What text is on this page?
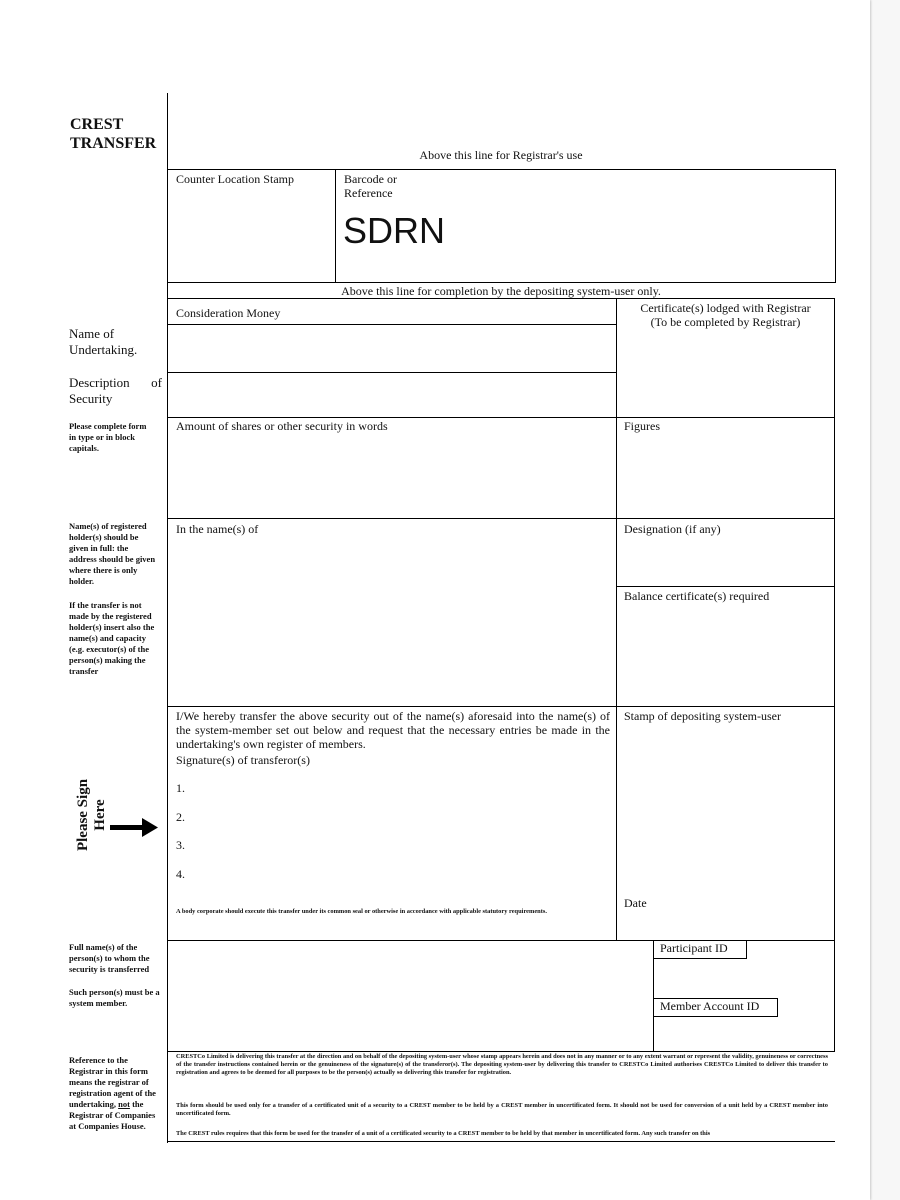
CREST
TRANSFER
Above this line for Registrar's use
Counter Location Stamp	Barcode or
Reference
SDRN
Above this line for completion by the depositing system-user only.
Consideration Money	Certificate(s) lodged with Registrar
(To be completed by Registrar)
Amount of shares or other security in words	Figures
In the name(s) of	Designation (if any)
Balance certificate(s) required
I/We hereby transfer the above security out of the name(s) aforesaid into the name(s) of the system-member set out below and request that the necessary entries be made in the undertaking's own register of members.
Signature(s) of transferor(s)
1.
2.
3.
4.
A body corporate should execute this transfer under its common seal or otherwise in accordance with applicable statutory requirements.
Stamp of depositing system-user
Date
Participant ID
Member Account ID
CRESTCo Limited is delivering this transfer at the direction and on behalf of the depositing system-user whose stamp appears herein and does not in any manner or to any extent warrant or represent the validity, genuineness or correctness of the transfer instructions contained herein or the genuineness of the signature(s) of the transferor(s). The depositing system-user by delivering this transfer to CRESTCo Limited authorises CRESTCo Limited to deliver this transfer to registration and agrees to be deemed for all purposes to be the person(s) actually so delivering this transfer for registration.
This form should be used only for a transfer of a certificated unit of a security to a CREST member to be held by a CREST member in uncertificated form. It should not be used for conversion of a unit held by a CREST member into uncertificated form.
The CREST rules requires that this form be used for the transfer of a unit of a certificated security to a CREST member to be held by that member in uncertificated form. Any such transfer on this
Name of
Undertaking.
Description of
Security
Please complete form in type or in block capitals.
Name(s) of registered holder(s) should be given in full: the address should be given where there is only holder.
If the transfer is not made by the registered holder(s) insert also the name(s) and capacity (e.g. executor(s) of the person(s) making the transfer
Please Sign Here
Full name(s) of the person(s) to whom the security is transferred
Such person(s) must be a system member.
Reference to the Registrar in this form means the registrar of registration agent of the undertaking, not the Registrar of Companies at Companies House.
